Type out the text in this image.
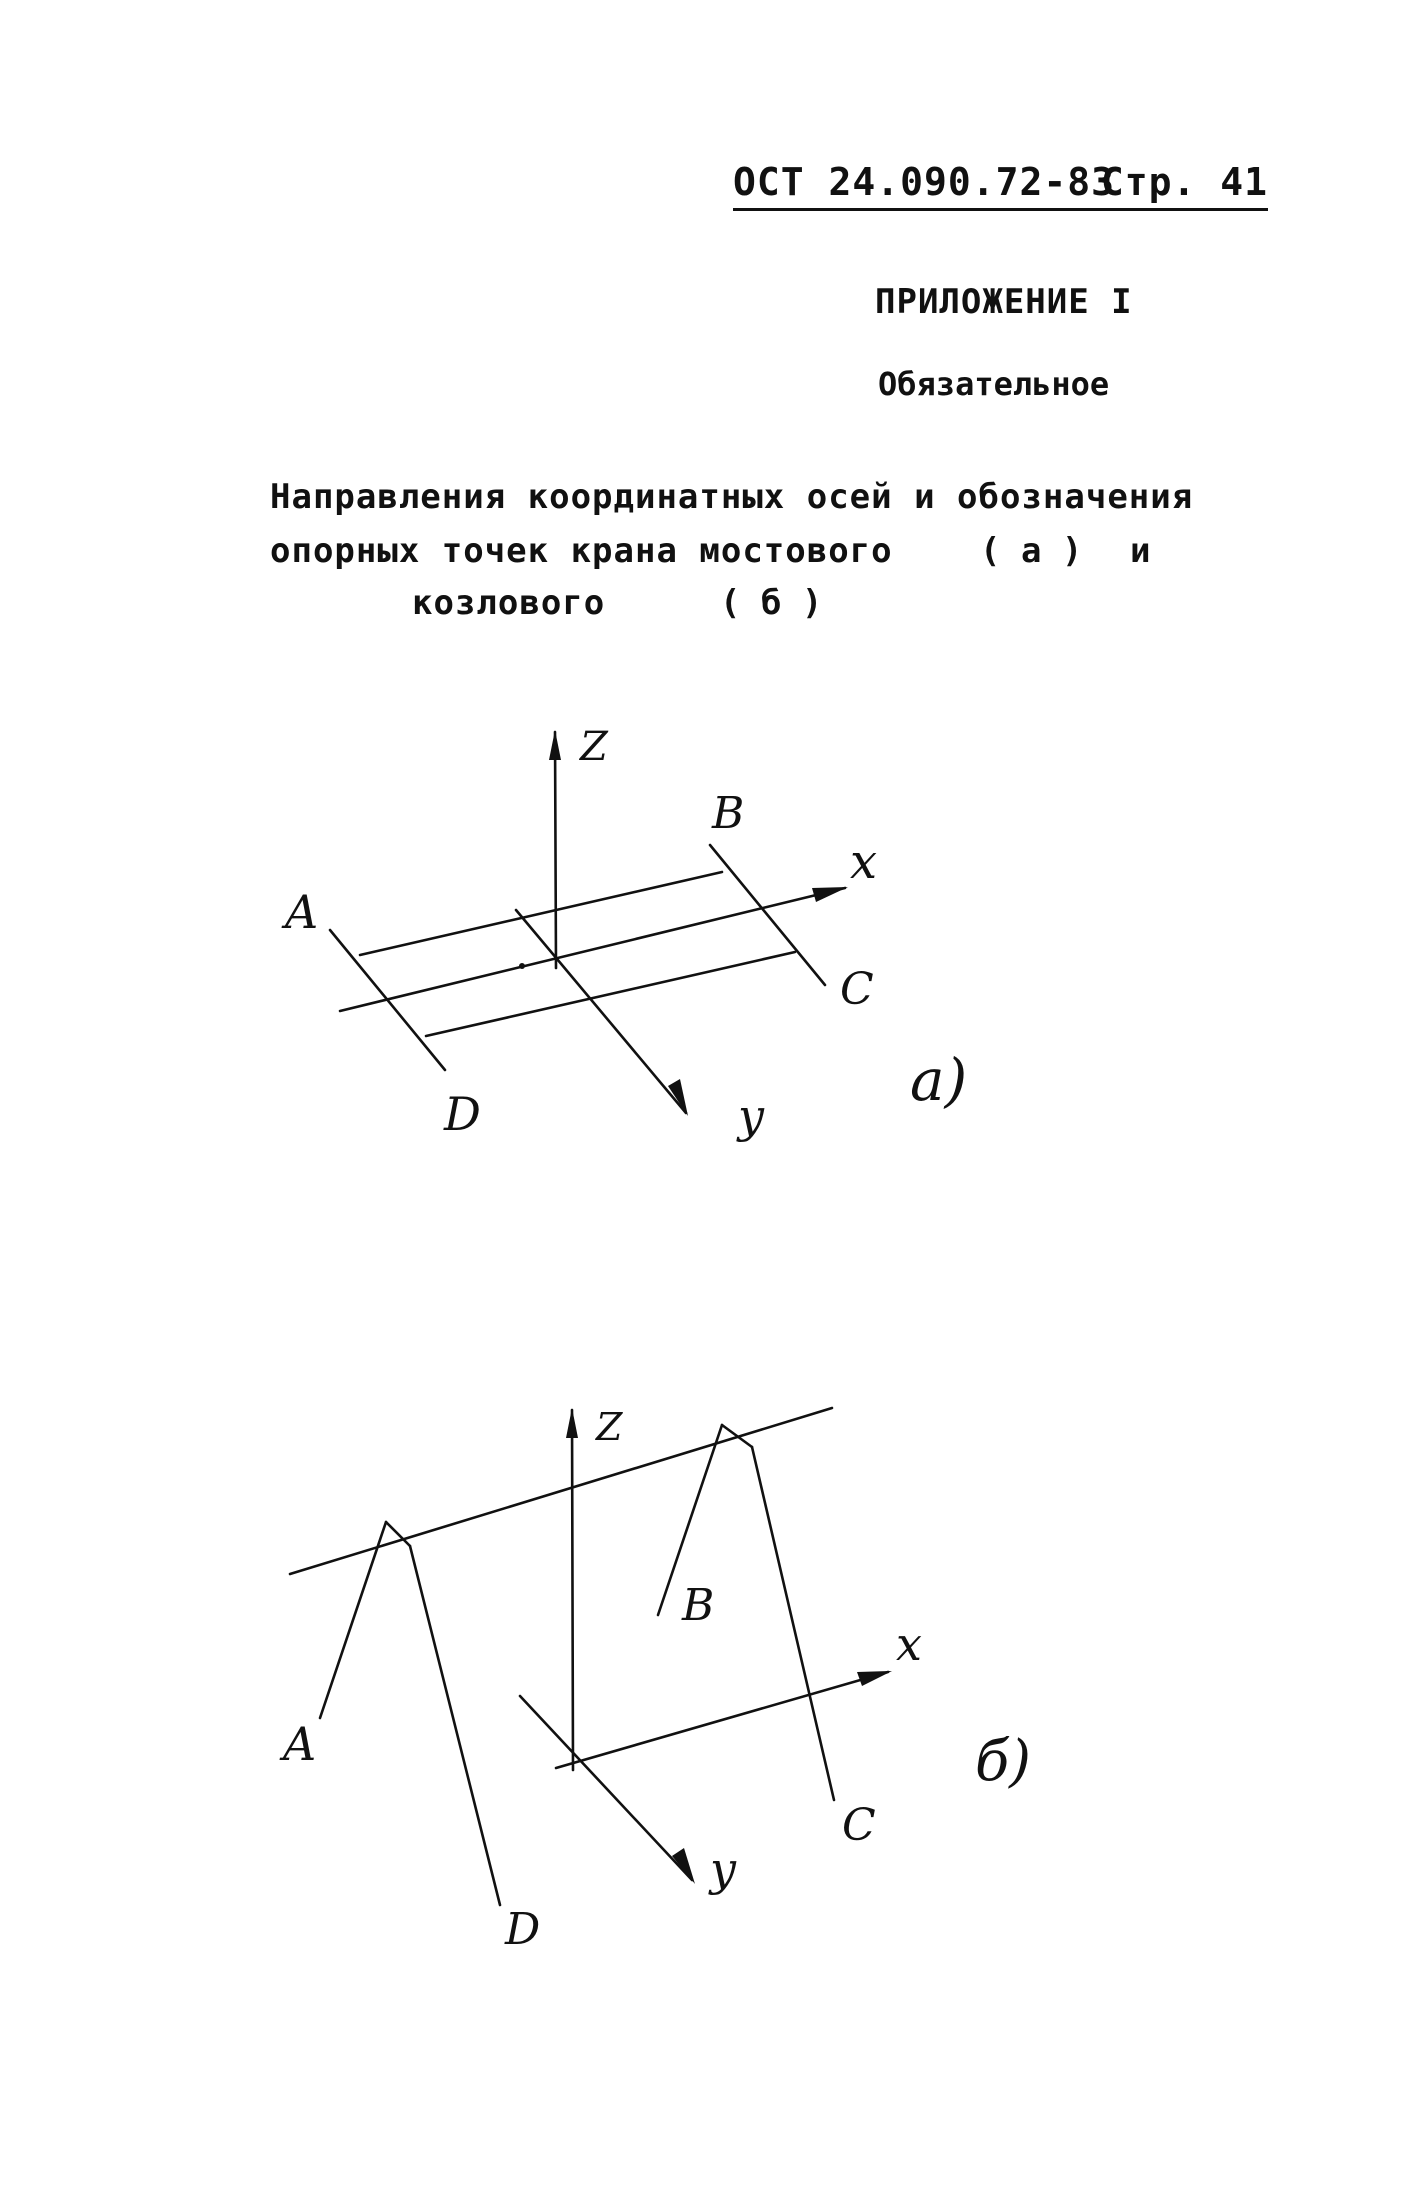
ОСТ 24.090.72-83
Стр. 41
ПРИЛОЖЕНИЕ I
Обязательное
Направления координатных осей и обозначения
опорных точек крана мостового	( а ) и
козлового	( б )
Z
B
x
A
C
D	y
a)
Z
B
x
A	б)
C
y
D
